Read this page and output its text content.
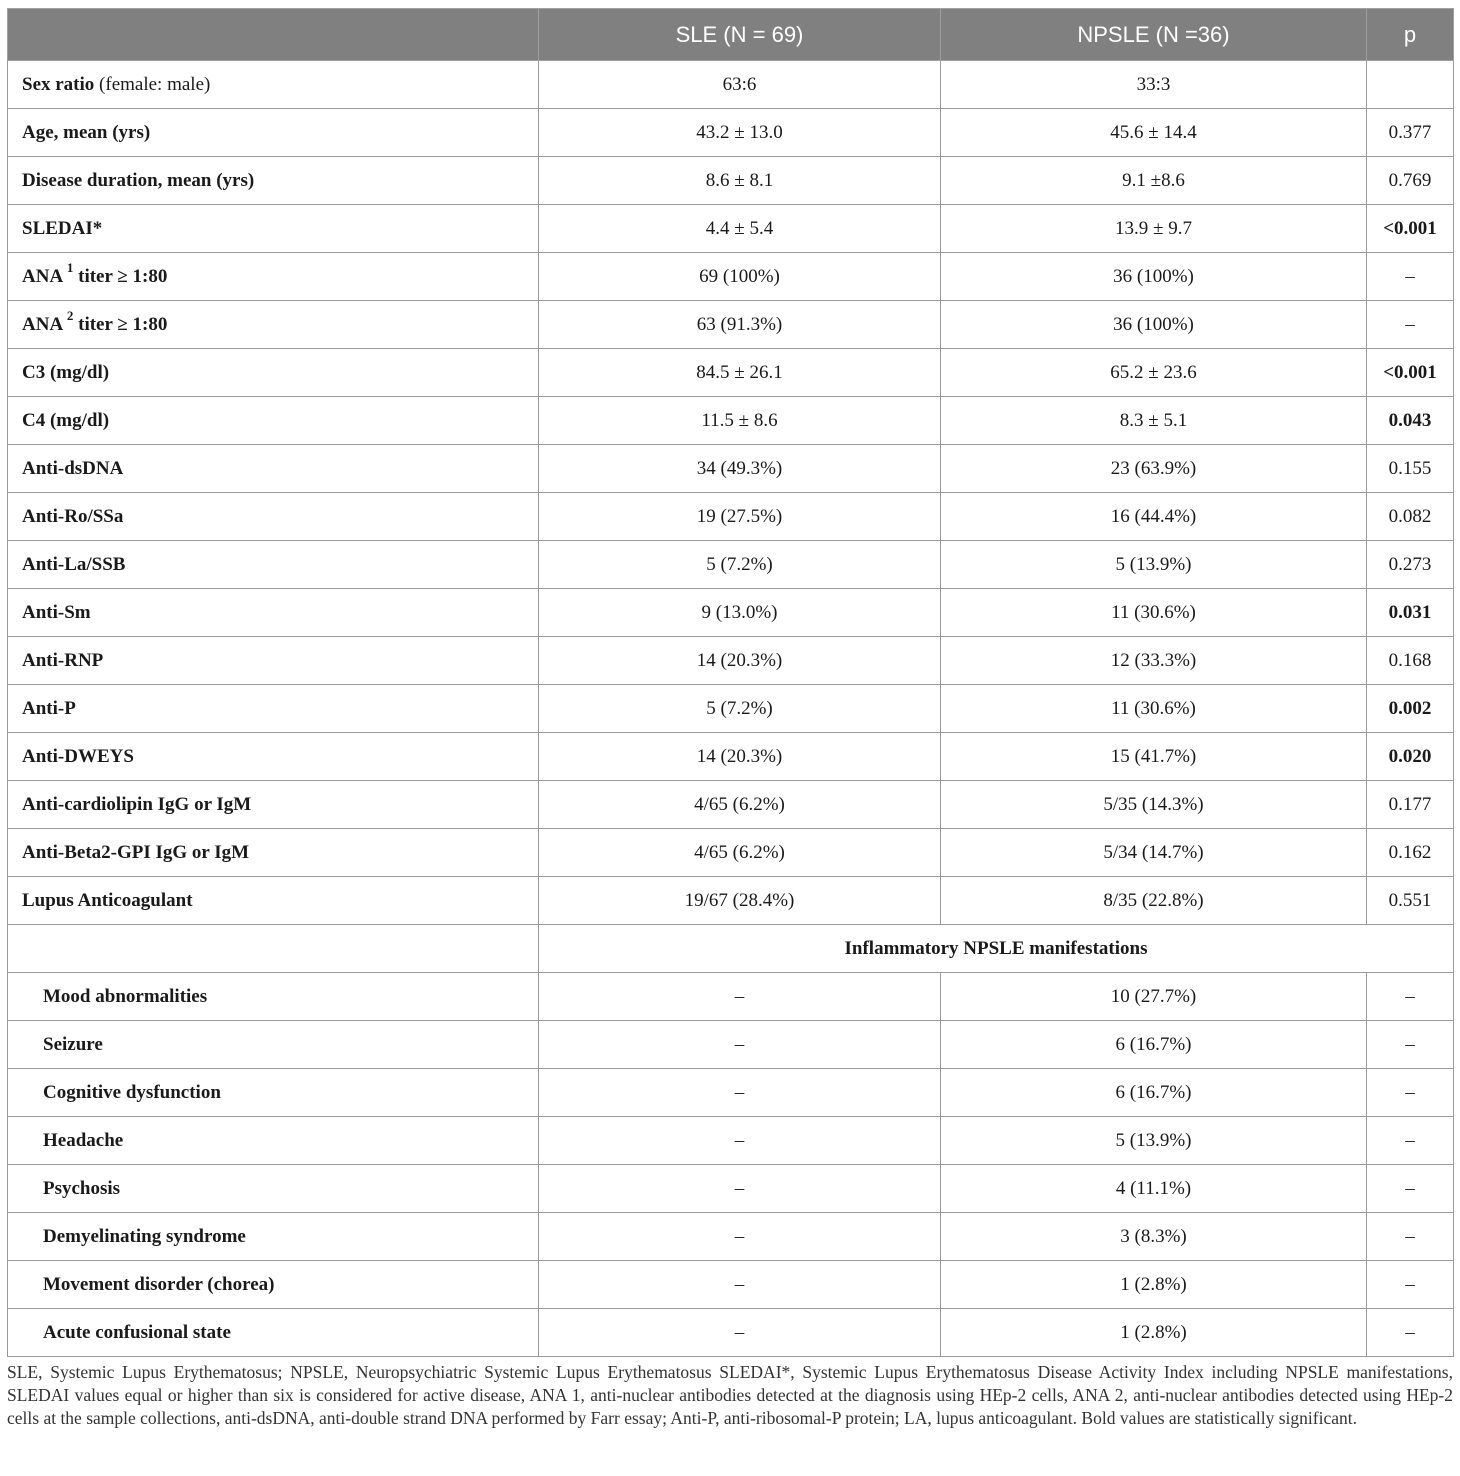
	SLE (N = 69)	NPSLE (N =36)	p
Sex ratio (female: male)	63:6	33:3	
Age, mean (yrs)	43.2 ± 13.0	45.6 ± 14.4	0.377
Disease duration, mean (yrs)	8.6 ± 8.1	9.1 ±8.6	0.769
SLEDAI*	4.4 ± 5.4	13.9 ± 9.7	<0.001
ANA $^1$ titer ≥ 1:80	69 (100%)	36 (100%)	–
ANA $^2$ titer ≥ 1:80	63 (91.3%)	36 (100%)	–
C3 (mg/dl)	84.5 ± 26.1	65.2 ± 23.6	<0.001
C4 (mg/dl)	11.5 ± 8.6	8.3 ± 5.1	0.043
Anti-dsDNA	34 (49.3%)	23 (63.9%)	0.155
Anti-Ro/SSa	19 (27.5%)	16 (44.4%)	0.082
Anti-La/SSB	5 (7.2%)	5 (13.9%)	0.273
Anti-Sm	9 (13.0%)	11 (30.6%)	0.031
Anti-RNP	14 (20.3%)	12 (33.3%)	0.168
Anti-P	5 (7.2%)	11 (30.6%)	0.002
Anti-DWEYS	14 (20.3%)	15 (41.7%)	0.020
Anti-cardiolipin IgG or IgM	4/65 (6.2%)	5/35 (14.3%)	0.177
Anti-Beta2-GPI IgG or IgM	4/65 (6.2%)	5/34 (14.7%)	0.162
Lupus Anticoagulant	19/67 (28.4%)	8/35 (22.8%)	0.551
	Inflammatory NPSLE manifestations		
Mood abnormalities	–	10 (27.7%)	–
Seizure	–	6 (16.7%)	–
Cognitive dysfunction	–	6 (16.7%)	–
Headache	–	5 (13.9%)	–
Psychosis	–	4 (11.1%)	–
Demyelinating syndrome	–	3 (8.3%)	–
Movement disorder (chorea)	–	1 (2.8%)	–
Acute confusional state	–	1 (2.8%)	–
SLE, Systemic Lupus Erythematosus; NPSLE, Neuropsychiatric Systemic Lupus Erythematosus SLEDAI*, Systemic Lupus Erythematosus Disease Activity Index including NPSLE manifestations, SLEDAI values equal or higher than six is considered for active disease, ANA 1, anti-nuclear antibodies detected at the diagnosis using HEp-2 cells, ANA 2, anti-nuclear antibodies detected using HEp-2 cells at the sample collections, anti-dsDNA, anti-double strand DNA performed by Farr essay; Anti-P, anti-ribosomal-P protein; LA, lupus anticoagulant. Bold values are statistically significant.
